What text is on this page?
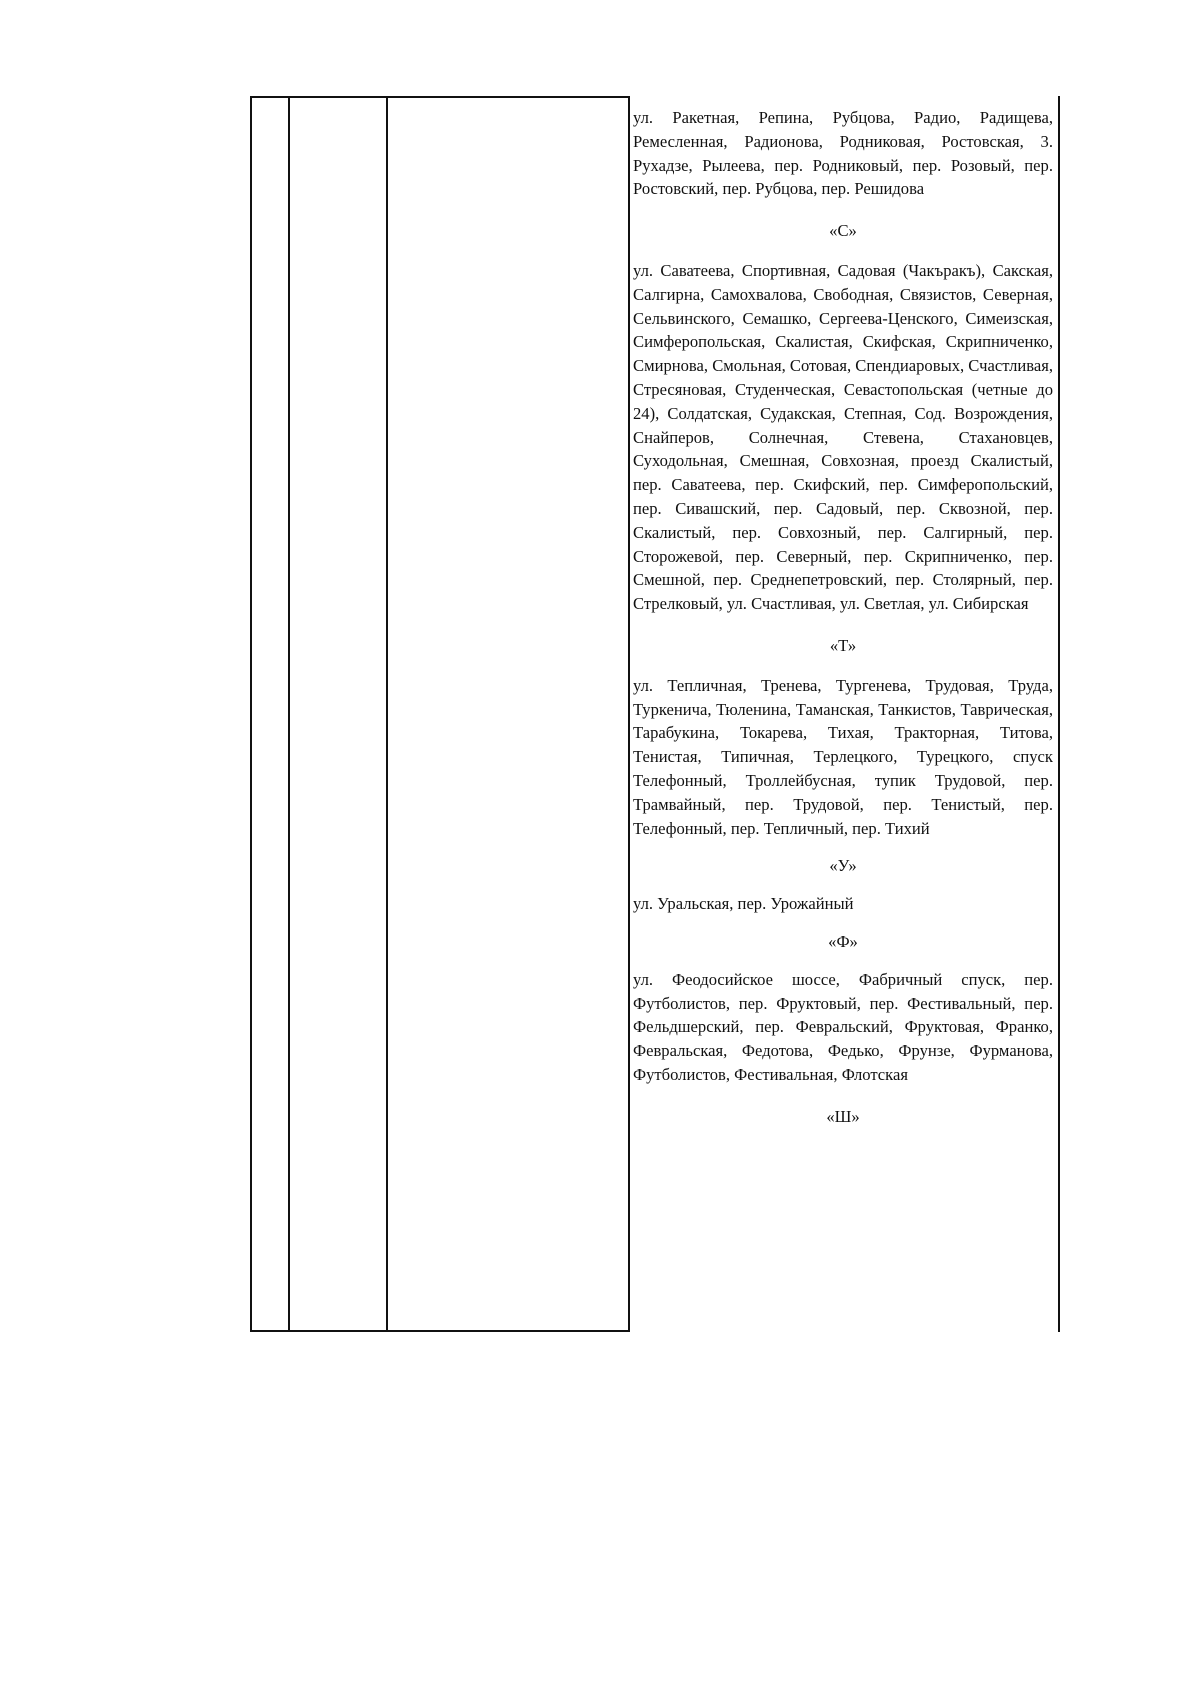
ул. Ракетная, Репина, Рубцова, Радио, Радищева, Ремесленная, Радионова, Родниковая, Ростовская, 3. Рухадзе, Рылеева, пер. Родниковый, пер. Розовый, пер. Ростовский, пер. Рубцова, пер. Решидова

«С»

ул. Саватеева, Спортивная, Садовая (Чакъракъ), Сакская, Салгирна, Самохвалова, Свободная, Связистов, Северная, Сельвинского, Семашко, Сергеева-Ценского, Симеизская, Симферопольская, Скалистая, Скифская, Скрипниченко, Смирнова, Смольная, Сотовая, Спендиаровых, Счастливая, Стресяновая, Студенческая, Севастопольская (четные до 24), Солдатская, Судакская, Степная, Сод. Возрождения, Снайперов, Солнечная, Стевена, Стахановцев, Суходольная, Смешная, Совхозная, проезд Скалистый, пер. Саватеева, пер. Скифский, пер. Симферопольский, пер. Сивашский, пер. Садовый, пер. Сквозной, пер. Скалистый, пер. Совхозный, пер. Салгирный, пер. Сторожевой, пер. Северный, пер. Скрипниченко, пер. Смешной, пер. Среднепетровский, пер. Столярный, пер. Стрелковый, ул. Счастливая, ул. Светлая, ул. Сибирская

«Т»

ул. Тепличная, Тренева, Тургенева, Трудовая, Труда, Туркенича, Тюленина, Таманская, Танкистов, Таврическая, Тарабукина, Токарева, Тихая, Тракторная, Титова, Тенистая, Типичная, Терлецкого, Турецкого, спуск Телефонный, Троллейбусная, тупик Трудовой, пер. Трамвайный, пер. Трудовой, пер. Тенистый, пер. Телефонный, пер. Тепличный, пер. Тихий

«У»

ул. Уральская, пер. Урожайный

«Ф»

ул. Феодосийское шоссе, Фабричный спуск, пер. Футболистов, пер. Фруктовый, пер. Фестивальный, пер. Фельдшерский, пер. Февральский, Фруктовая, Франко, Февральская, Федотова, Федько, Фрунзе, Фурманова, Футболистов, Фестивальная, Флотская

«Ш»
